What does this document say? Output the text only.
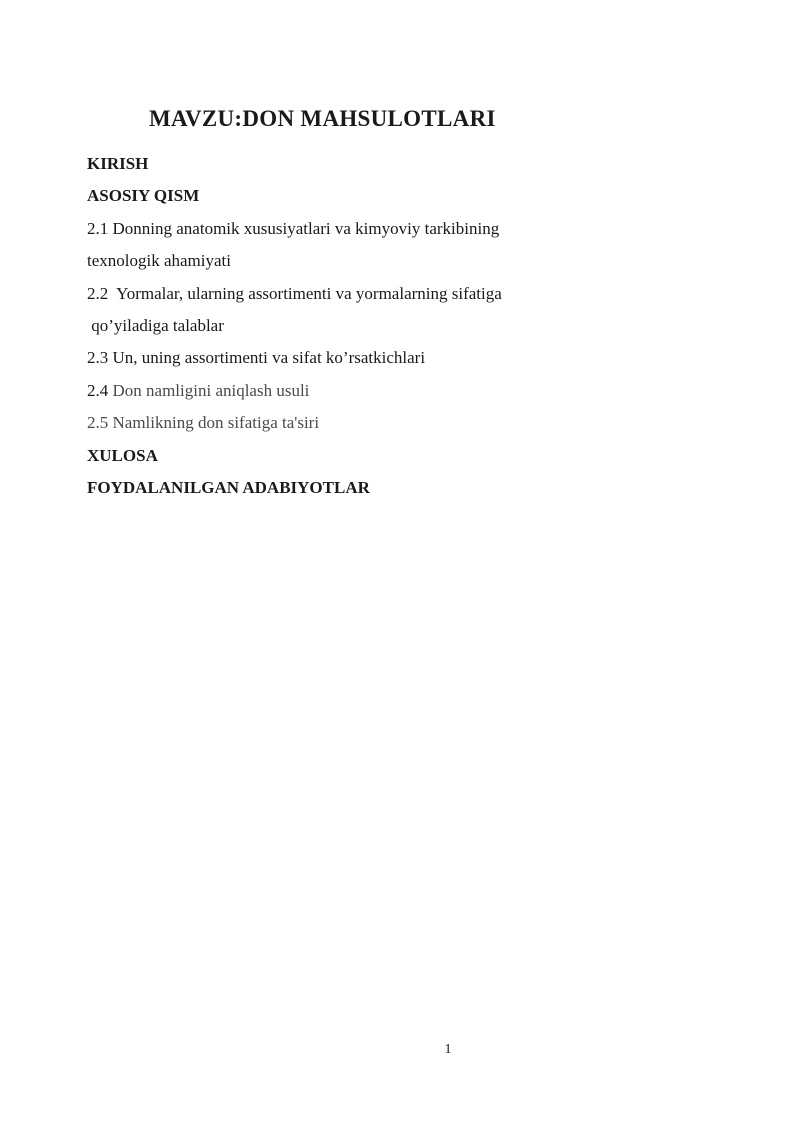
MAVZU:DON MAHSULOTLARI

KIRISH

ASOSIY QISM

2.1 Donning anatomik xususiyatlari va kimyoviy tarkibining

texnologik ahamiyati

2.2  Yormalar, ularning assortimenti va yormalarning sifatiga

qo’yiladiga talablar

2.3 Un, uning assortimenti va sifat ko’rsatkichlari

2.4 Don namligini aniqlash usuli

2.5 Namlikning don sifatiga ta'siri

XULOSA

FOYDALANILGAN ADABIYOTLAR

1
